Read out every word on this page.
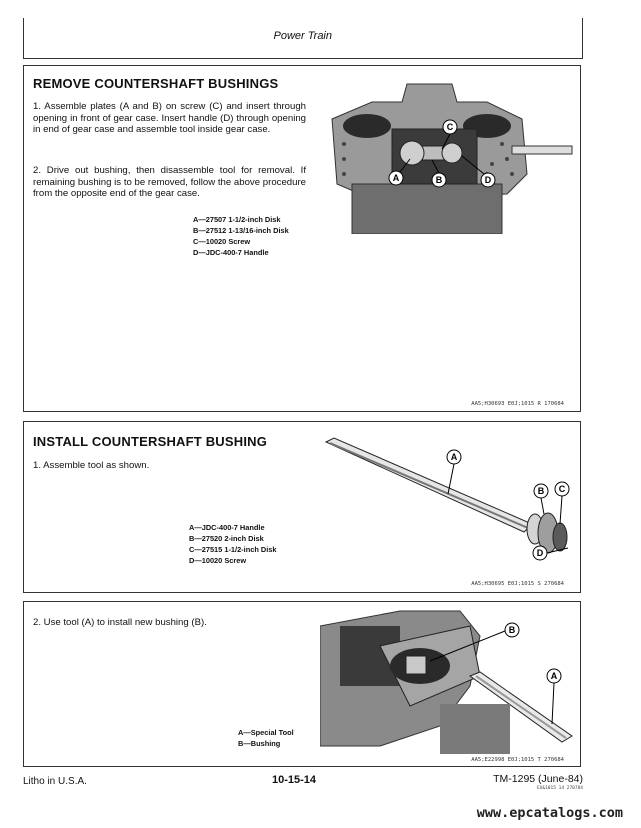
Power Train
REMOVE COUNTERSHAFT BUSHINGS
1. Assemble plates (A and B) on screw (C) and insert through opening in front of gear case. Insert handle (D) through opening in end of gear case and assemble tool inside gear case.
2. Drive out bushing, then disassemble tool for removal. If remaining bushing is to be removed, follow the above procedure from the opposite end of the gear case.
C
A	B	D
A—27507 1-1/2-inch Disk
B—27512 1-13/16-inch Disk
C—10020 Screw
D—JDC-400-7 Handle
AA5;H30693 E0J;1015 R 170684
INSTALL COUNTERSHAFT BUSHING
1. Assemble tool as shown.
A
B C
D
A—JDC-400-7 Handle
B—27520 2-inch Disk
C—27515 1-1/2-inch Disk
D—10020 Screw
AA5;H30695 E0J;1015 S 270684
2. Use tool (A) to install new bushing (B).
B
A
A—Special Tool
B—Bushing
AA5;E22998 E0J;1015 T 270684
Litho in U.S.A.	10-15-14	TM-1295 (June-84)
EX&1015 14 270784
www.epcatalogs.com
